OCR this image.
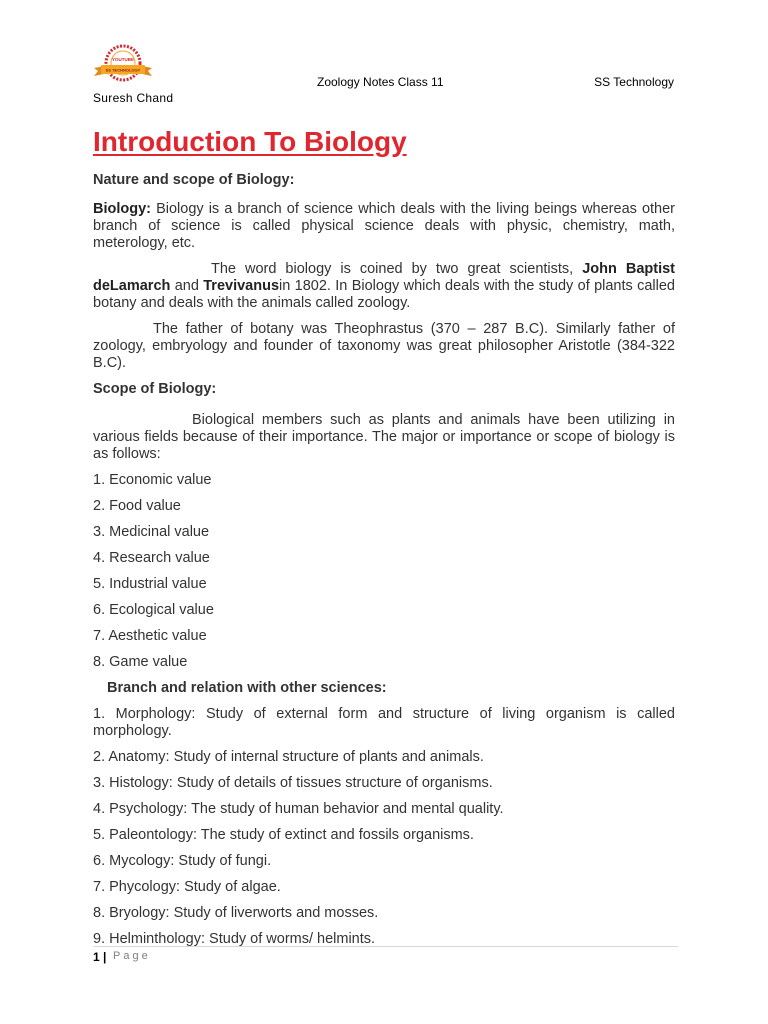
YOUTUBE
SS TECHNOLOGY
Suresh Chand
Zoology Notes Class 11	SS Technology
Introduction To Biology

Nature and scope of Biology:

Biology: Biology is a branch of science which deals with the living beings whereas other branch of science is called physical science deals with physic, chemistry, math, meterology, etc.

The word biology is coined by two great scientists, John Baptist deLamarch and Trevivanusin 1802. In Biology which deals with the study of plants called botany and deals with the animals called zoology.

The father of botany was Theophrastus (370 – 287 B.C). Similarly father of zoology, embryology and founder of taxonomy was great philosopher Aristotle (384-322 B.C).

Scope of Biology:

Biological members such as plants and animals have been utilizing in various fields because of their importance. The major or importance or scope of biology is as follows:

1. Economic value
2. Food value
3. Medicinal value
4. Research value
5. Industrial value
6. Ecological value
7. Aesthetic value
8. Game value

Branch and relation with other sciences:

1. Morphology: Study of external form and structure of living organism is called morphology.
2. Anatomy: Study of internal structure of plants and animals.
3. Histology: Study of details of tissues structure of organisms.
4. Psychology: The study of human behavior and mental quality.
5. Paleontology: The study of extinct and fossils organisms.
6. Mycology: Study of fungi.
7. Phycology: Study of algae.
8. Bryology: Study of liverworts and mosses.
9. Helminthology: Study of worms/ helmints.
1 | Page
